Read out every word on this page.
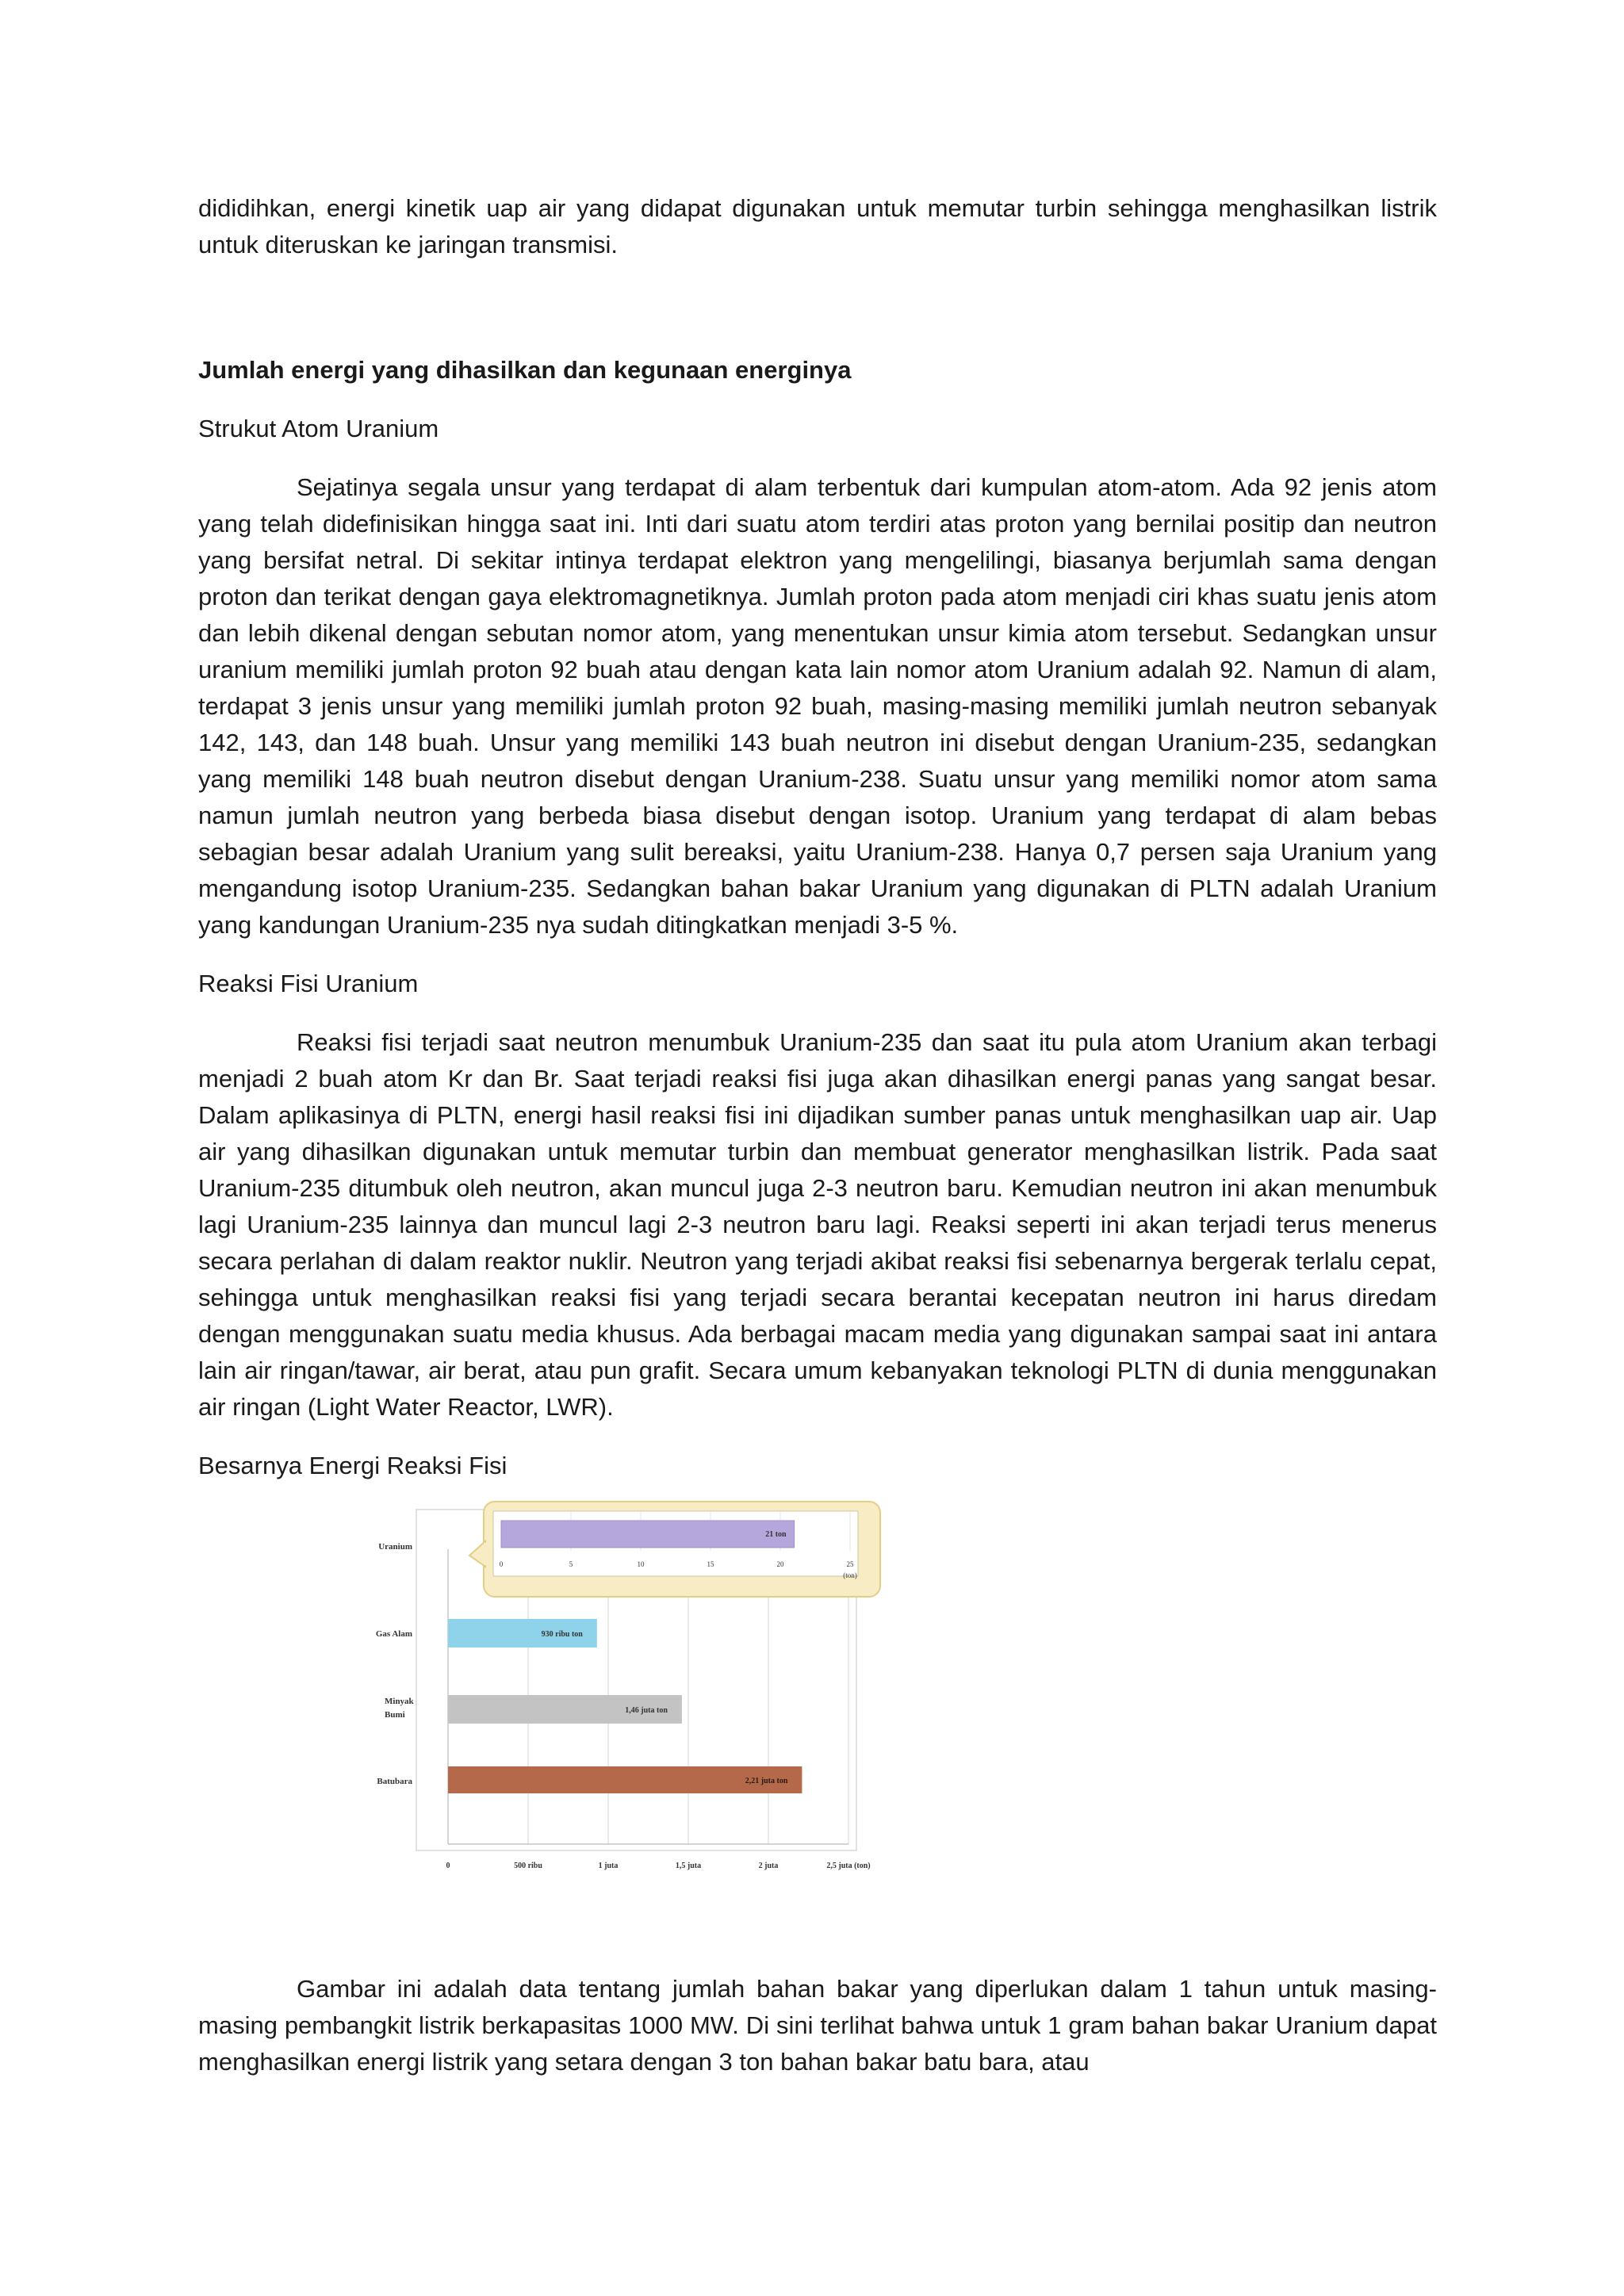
dididihkan, energi kinetik uap air yang didapat digunakan untuk memutar turbin sehingga menghasilkan listrik untuk diteruskan ke jaringan transmisi.

Jumlah energi yang dihasilkan dan kegunaan energinya
Strukut Atom Uranium

Sejatinya segala unsur yang terdapat di alam terbentuk dari kumpulan atom-atom. Ada 92 jenis atom yang telah didefinisikan hingga saat ini. Inti dari suatu atom terdiri atas proton yang bernilai positip dan neutron yang bersifat netral. Di sekitar intinya terdapat elektron yang mengelilingi, biasanya berjumlah sama dengan proton dan terikat dengan gaya elektromagnetiknya. Jumlah proton pada atom menjadi ciri khas suatu jenis atom dan lebih dikenal dengan sebutan nomor atom, yang menentukan unsur kimia atom tersebut. Sedangkan unsur uranium memiliki jumlah proton 92 buah atau dengan kata lain nomor atom Uranium adalah 92. Namun di alam, terdapat 3 jenis unsur yang memiliki jumlah proton 92 buah, masing-masing memiliki jumlah neutron sebanyak 142, 143, dan 148 buah. Unsur yang memiliki 143 buah neutron ini disebut dengan Uranium-235, sedangkan yang memiliki 148 buah neutron disebut dengan Uranium-238. Suatu unsur yang memiliki nomor atom sama namun jumlah neutron yang berbeda biasa disebut dengan isotop. Uranium yang terdapat di alam bebas sebagian besar adalah Uranium yang sulit bereaksi, yaitu Uranium-238. Hanya 0,7 persen saja Uranium yang mengandung isotop Uranium-235. Sedangkan bahan bakar Uranium yang digunakan di PLTN adalah Uranium yang kandungan Uranium-235 nya sudah ditingkatkan menjadi 3-5 %.

Reaksi Fisi Uranium

Reaksi fisi terjadi saat neutron menumbuk Uranium-235 dan saat itu pula atom Uranium akan terbagi menjadi 2 buah atom Kr dan Br. Saat terjadi reaksi fisi juga akan dihasilkan energi panas yang sangat besar. Dalam aplikasinya di PLTN, energi hasil reaksi fisi ini dijadikan sumber panas untuk menghasilkan uap air. Uap air yang dihasilkan digunakan untuk memutar turbin dan membuat generator menghasilkan listrik. Pada saat Uranium-235 ditumbuk oleh neutron, akan muncul juga 2-3 neutron baru. Kemudian neutron ini akan menumbuk lagi Uranium-235 lainnya dan muncul lagi 2-3 neutron baru lagi. Reaksi seperti ini akan terjadi terus menerus secara perlahan di dalam reaktor nuklir. Neutron yang terjadi akibat reaksi fisi sebenarnya bergerak terlalu cepat, sehingga untuk menghasilkan reaksi fisi yang terjadi secara berantai kecepatan neutron ini harus diredam dengan menggunakan suatu media khusus. Ada berbagai macam media yang digunakan sampai saat ini antara lain air ringan/tawar, air berat, atau pun grafit. Secara umum kebanyakan teknologi PLTN di dunia menggunakan air ringan (Light Water Reactor, LWR).

Besarnya Energi Reaksi Fisi
0	500 ribu	1 juta	1,5 juta	2 juta	2,5 juta (ton)
0	5	10	15	20	25
(ton)
21 ton
Uranium
930 ribu ton
1,46 juta ton
2,21 juta ton
Gas Alam
Minyak
Bumi
Batubara

Gambar ini adalah data tentang jumlah bahan bakar yang diperlukan dalam 1 tahun untuk masing-masing pembangkit listrik berkapasitas 1000 MW. Di sini terlihat bahwa untuk 1 gram bahan bakar Uranium dapat menghasilkan energi listrik yang setara dengan 3 ton bahan bakar batu bara, atau
